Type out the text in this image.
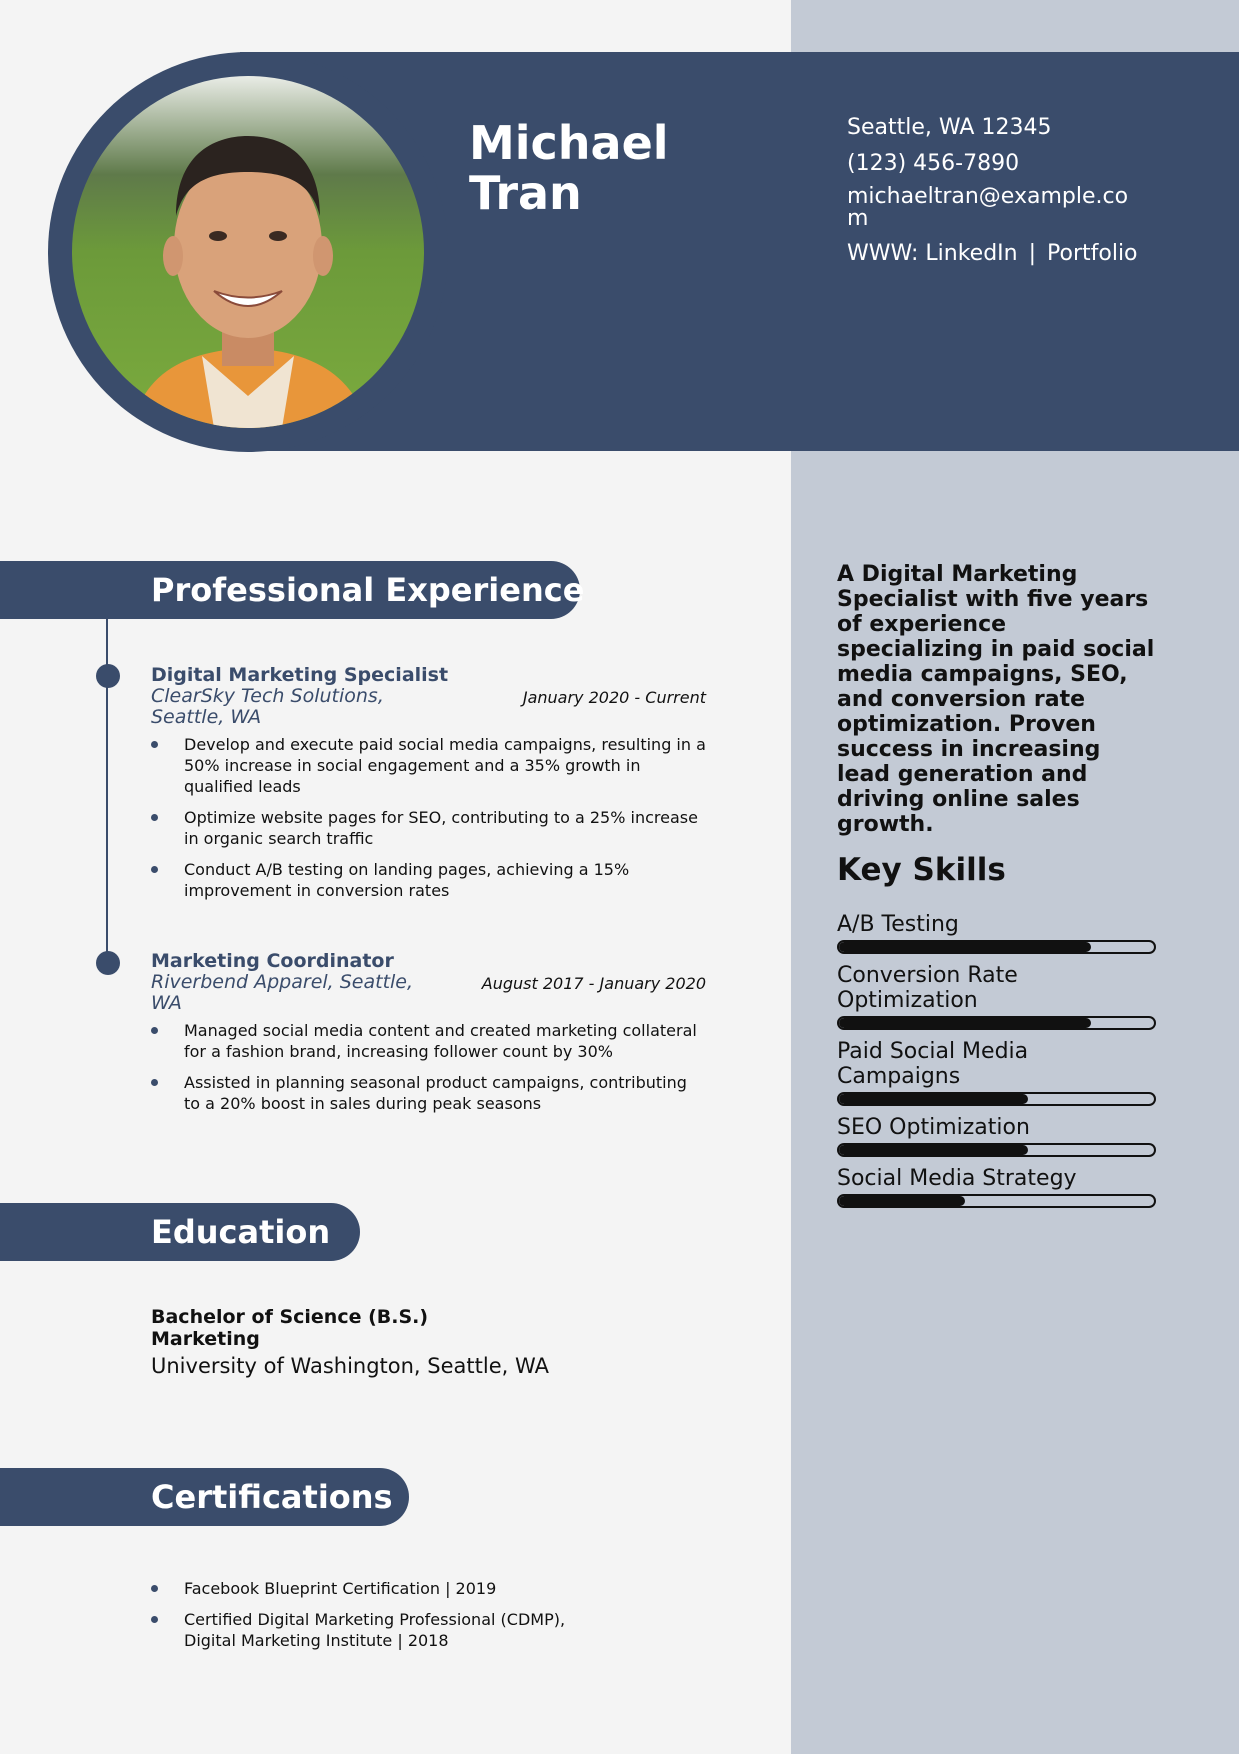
Michael
Tran
Seattle, WA 12345
(123) 456-7890
michaeltran@example.com
WWW: LinkedIn | Portfolio
Professional Experience
Digital Marketing Specialist
ClearSky Tech Solutions, Seattle, WA
January 2020 - Current
Develop and execute paid social media campaigns, resulting in a 50% increase in social engagement and a 35% growth in qualified leads
Optimize website pages for SEO, contributing to a 25% increase in organic search traffic
Conduct A/B testing on landing pages, achieving a 15% improvement in conversion rates
Marketing Coordinator
Riverbend Apparel, Seattle, WA
August 2017 - January 2020
Managed social media content and created marketing collateral for a fashion brand, increasing follower count by 30%
Assisted in planning seasonal product campaigns, contributing to a 20% boost in sales during peak seasons
Education
Bachelor of Science (B.S.) Marketing
University of Washington, Seattle, WA
Certifications
Facebook Blueprint Certification | 2019
Certified Digital Marketing Professional (CDMP), Digital Marketing Institute | 2018
A Digital Marketing Specialist with five years of experience specializing in paid social media campaigns, SEO, and conversion rate optimization. Proven success in increasing lead generation and driving online sales growth.
Key Skills
A/B Testing
Conversion Rate Optimization
Paid Social Media Campaigns
SEO Optimization
Social Media Strategy
